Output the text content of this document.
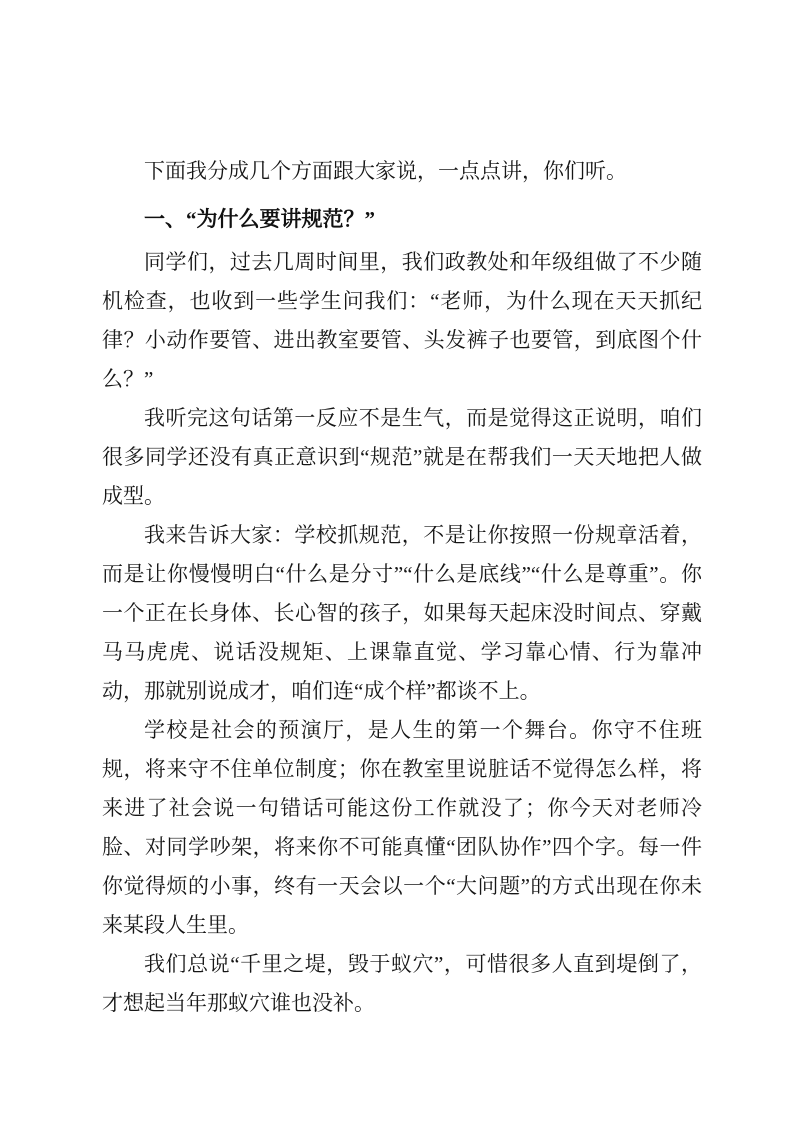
下面我分成几个方面跟大家说，一点点讲，你们听。

一、“为什么要讲规范？”

同学们，过去几周时间里，我们政教处和年级组做了不少随机检查，也收到一些学生问我们：“老师，为什么现在天天抓纪律？小动作要管、进出教室要管、头发裤子也要管，到底图个什么？”

我听完这句话第一反应不是生气，而是觉得这正说明，咱们很多同学还没有真正意识到“规范”就是在帮我们一天天地把人做成型。

我来告诉大家：学校抓规范，不是让你按照一份规章活着，而是让你慢慢明白“什么是分寸”“什么是底线”“什么是尊重”。你一个正在长身体、长心智的孩子，如果每天起床没时间点、穿戴马马虎虎、说话没规矩、上课靠直觉、学习靠心情、行为靠冲动，那就别说成才，咱们连“成个样”都谈不上。

学校是社会的预演厅，是人生的第一个舞台。你守不住班规，将来守不住单位制度；你在教室里说脏话不觉得怎么样，将来进了社会说一句错话可能这份工作就没了；你今天对老师冷脸、对同学吵架，将来你不可能真懂“团队协作”四个字。每一件你觉得烦的小事，终有一天会以一个“大问题”的方式出现在你未来某段人生里。

我们总说“千里之堤，毁于蚁穴”，可惜很多人直到堤倒了，才想起当年那蚁穴谁也没补。
